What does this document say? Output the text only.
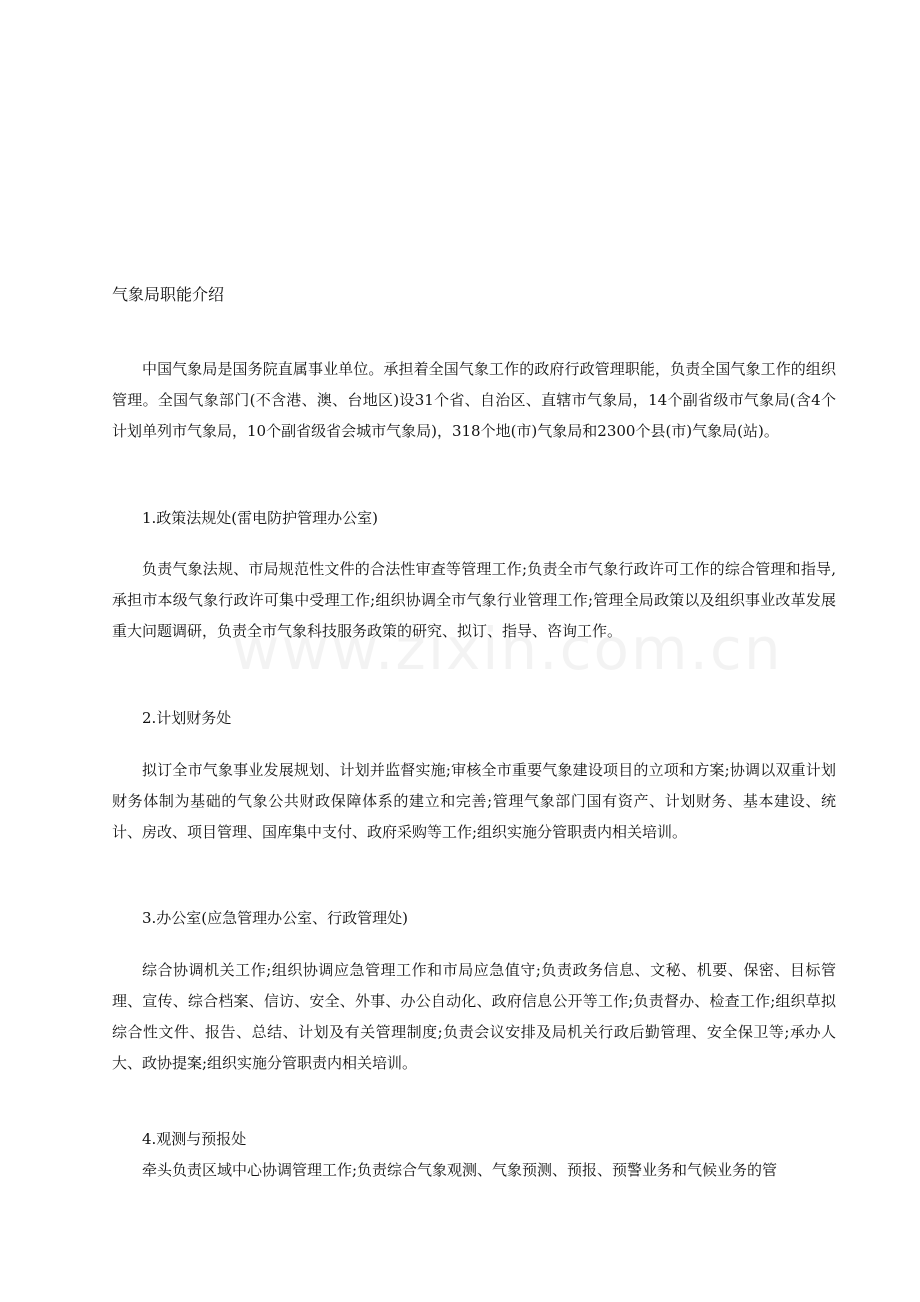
气象局职能介绍

中国气象局是国务院直属事业单位。承担着全国气象工作的政府行政管理职能，负责全国气象工作的组织管理。全国气象部门(不含港、澳、台地区)设31个省、自治区、直辖市气象局，14个副省级市气象局(含4个计划单列市气象局，10个副省级省会城市气象局)，318个地(市)气象局和2300个县(市)气象局(站)。

1.政策法规处(雷电防护管理办公室)

负责气象法规、市局规范性文件的合法性审查等管理工作;负责全市气象行政许可工作的综合管理和指导,承担市本级气象行政许可集中受理工作;组织协调全市气象行业管理工作;管理全局政策以及组织事业改革发展重大问题调研，负责全市气象科技服务政策的研究、拟订、指导、咨询工作。

2.计划财务处

拟订全市气象事业发展规划、计划并监督实施;审核全市重要气象建设项目的立项和方案;协调以双重计划财务体制为基础的气象公共财政保障体系的建立和完善;管理气象部门国有资产、计划财务、基本建设、统计、房改、项目管理、国库集中支付、政府采购等工作;组织实施分管职责内相关培训。

3.办公室(应急管理办公室、行政管理处)

综合协调机关工作;组织协调应急管理工作和市局应急值守;负责政务信息、文秘、机要、保密、目标管理、宣传、综合档案、信访、安全、外事、办公自动化、政府信息公开等工作;负责督办、检查工作;组织草拟综合性文件、报告、总结、计划及有关管理制度;负责会议安排及局机关行政后勤管理、安全保卫等;承办人大、政协提案;组织实施分管职责内相关培训。

4.观测与预报处

牵头负责区域中心协调管理工作;负责综合气象观测、气象预测、预报、预警业务和气候业务的管
